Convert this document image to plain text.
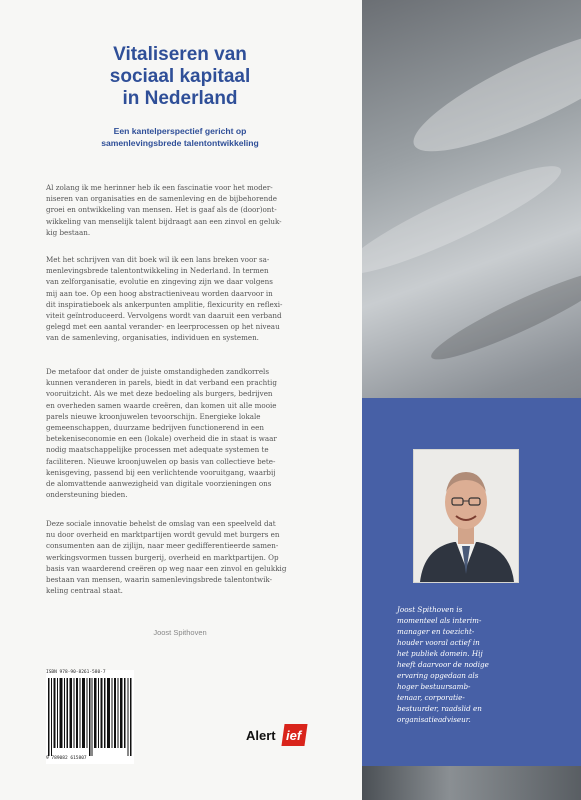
Vitaliseren van
sociaal kapitaal
in Nederland
Een kantelperspectief gericht op
samenlevingsbrede talentontwikkeling
Al zolang ik me herinner heb ik een fascinatie voor het moder-
niseren van organisaties en de samenleving en de bijbehorende
groei en ontwikkeling van mensen. Het is gaaf als de (door)ont-
wikkeling van menselijk talent bijdraagt aan een zinvol en geluk-
kig bestaan.
Met het schrijven van dit boek wil ik een lans breken voor sa-
menlevingsbrede talentontwikkeling in Nederland. In termen
van zelforganisatie, evolutie en zingeving zijn we daar volgens
mij aan toe. Op een hoog abstractieniveau worden daarvoor in
dit inspiratieboek als ankerpunten amplitie, flexicurity en reflexi-
viteit geïntroduceerd. Vervolgens wordt van daaruit een verband
gelegd met een aantal verander- en leerprocessen op het niveau
van de samenleving, organisaties, individuen en systemen.
De metafoor dat onder de juiste omstandigheden zandkorrels
kunnen veranderen in parels, biedt in dat verband een prachtig
vooruitzicht. Als we met deze bedoeling als burgers, bedrijven
en overheden samen waarde creëren, dan komen uit alle mooie
parels nieuwe kroonjuwelen tevoorschijn. Energieke lokale
gemeenschappen, duurzame bedrijven functionerend in een
betekeniseconomie en een (lokale) overheid die in staat is waar
nodig maatschappelijke processen met adequate systemen te
faciliteren. Nieuwe kroonjuwelen op basis van collectieve bete-
kenisgeving, passend bij een verlichtende vooruitgang, waarbij
de alomvattende aanwezigheid van digitale voorzieningen ons
ondersteuning bieden.
Deze sociale innovatie behelst de omslag van een speelveld dat
nu door overheid en marktpartijen wordt gevuld met burgers en
consumenten aan de zijlijn, naar meer gedifferentieerde samen-
werkingsvormen tussen burgerij, overheid en marktpartijen. Op
basis van waarderend creëren op weg naar een zinvol en gelukkig
bestaan van mensen, waarin samenlevingsbrede talentontwik-
keling centraal staat.
Joost Spithoven
ISBN 978-90-8261-580-7
9 789082 615807
Alert ief
Joost Spithoven is
momenteel als interim-
manager en toezicht-
houder vooral actief in
het publiek domein. Hij
heeft daarvoor de nodige
ervaring opgedaan als
hoger bestuursamb-
tenaar, corporatie-
bestuurder, raadslid en
organisatieadviseur.
